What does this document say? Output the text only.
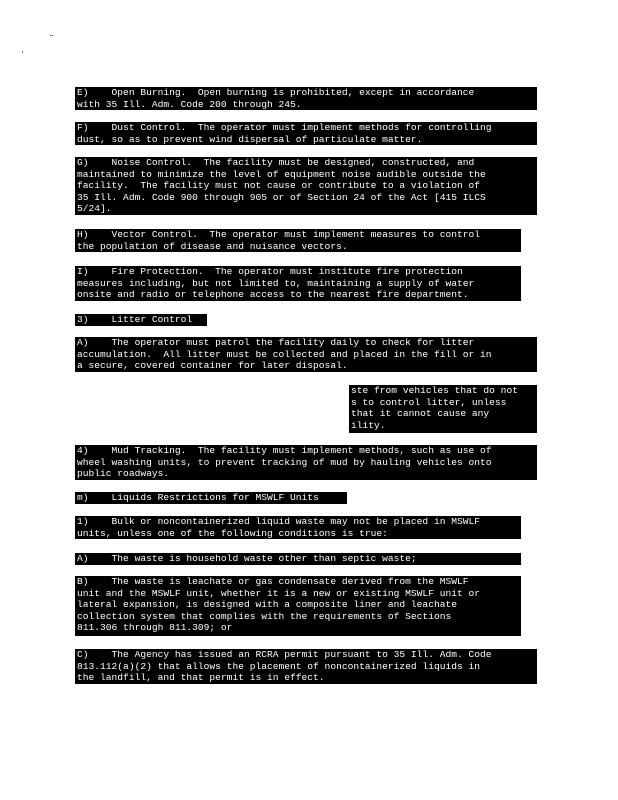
E)    Open Burning.  Open burning is prohibited, except in accordance
with 35 Ill. Adm. Code 200 through 245.
F)    Dust Control.  The operator must implement methods for controlling
dust, so as to prevent wind dispersal of particulate matter.
G)    Noise Control.  The facility must be designed, constructed, and
maintained to minimize the level of equipment noise audible outside the
facility.  The facility must not cause or contribute to a violation of
35 Ill. Adm. Code 900 through 905 or of Section 24 of the Act [415 ILCS
5/24].
H)    Vector Control.  The operator must implement measures to control
the population of disease and nuisance vectors.
I)    Fire Protection.  The operator must institute fire protection
measures including, but not limited to, maintaining a supply of water
onsite and radio or telephone access to the nearest fire department.
3)    Litter Control
A)    The operator must patrol the facility daily to check for litter
accumulation.  All litter must be collected and placed in the fill or in
a secure, covered container for later disposal.
ste from vehicles that do not
s to control litter, unless
that it cannot cause any
ility.
4)    Mud Tracking.  The facility must implement methods, such as use of
wheel washing units, to prevent tracking of mud by hauling vehicles onto
public roadways.
m)    Liquids Restrictions for MSWLF Units
1)    Bulk or noncontainerized liquid waste may not be placed in MSWLF
units, unless one of the following conditions is true:
A)    The waste is household waste other than septic waste;
B)    The waste is leachate or gas condensate derived from the MSWLF
unit and the MSWLF unit, whether it is a new or existing MSWLF unit or
lateral expansion, is designed with a composite liner and leachate
collection system that complies with the requirements of Sections
811.306 through 811.309; or
C)    The Agency has issued an RCRA permit pursuant to 35 Ill. Adm. Code
813.112(a)(2) that allows the placement of noncontainerized liquids in
the landfill, and that permit is in effect.
